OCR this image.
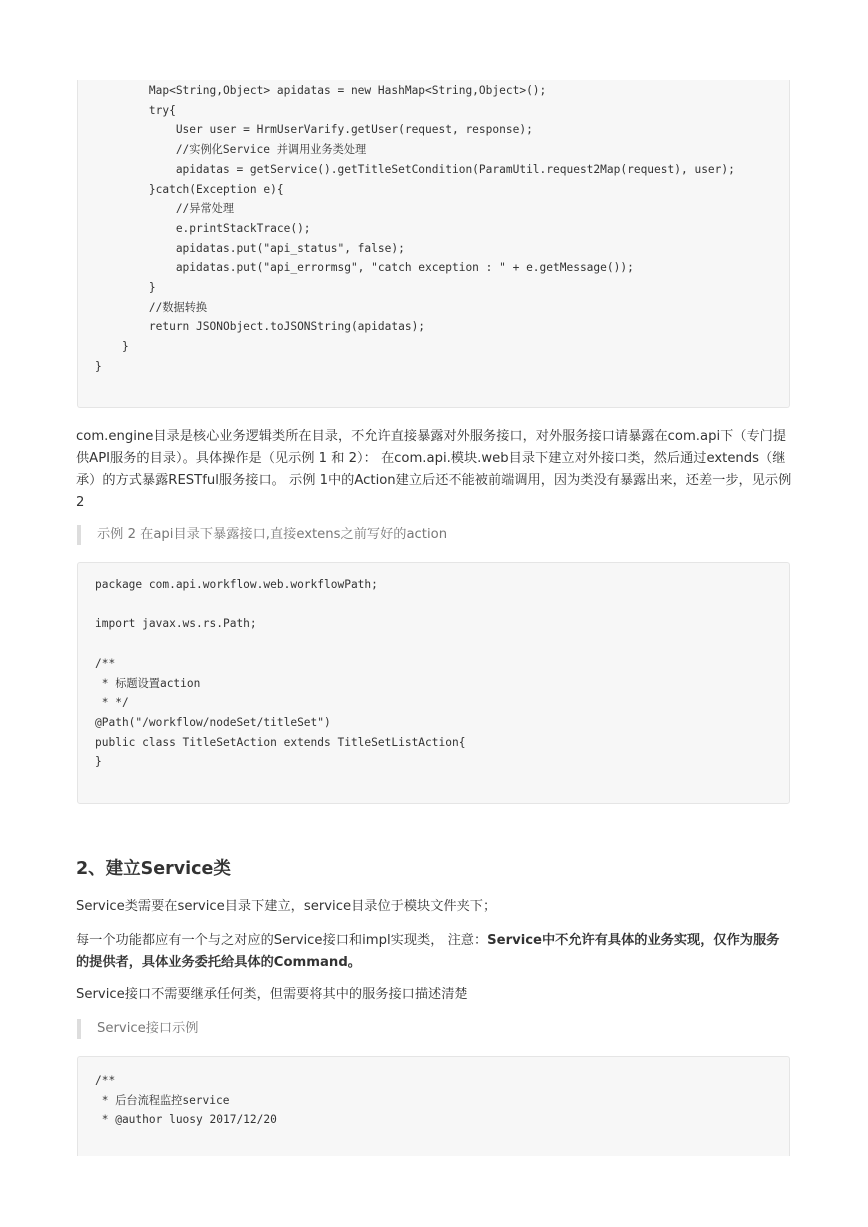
Map<String,Object> apidatas = new HashMap<String,Object>();
try{
User user = HrmUserVarify.getUser(request, response);
//实例化Service 并调用业务类处理
apidatas = getService().getTitleSetCondition(ParamUtil.request2Map(request), user);
}catch(Exception e){
//异常处理
e.printStackTrace();
apidatas.put("api_status", false);
apidatas.put("api_errormsg", "catch exception : " + e.getMessage());
}
//数据转换
return JSONObject.toJSONString(apidatas);
}
}

com.engine目录是核心业务逻辑类所在目录，不允许直接暴露对外服务接口，对外服务接口请暴露在com.api下（专门提供API服务的目录）。具体操作是（见示例 1 和 2）： 在com.api.模块.web目录下建立对外接口类，然后通过extends（继承）的方式暴露RESTful服务接口。 示例 1中的Action建立后还不能被前端调用，因为类没有暴露出来，还差一步，见示例 2

示例 2 在api目录下暴露接口,直接extens之前写好的action
package com.api.workflow.web.workflowPath;

import javax.ws.rs.Path;

/**
* 标题设置action
* */
@Path("/workflow/nodeSet/titleSet")
public class TitleSetAction extends TitleSetListAction{
}
2、建立Service类

Service类需要在service目录下建立，service目录位于模块文件夹下；

每一个功能都应有一个与之对应的Service接口和impl实现类， 注意：Service中不允许有具体的业务实现，仅作为服务的提供者，具体业务委托给具体的Command。

Service接口不需要继承任何类，但需要将其中的服务接口描述清楚

Service接口示例
/**
* 后台流程监控service
* @author luosy 2017/12/20
